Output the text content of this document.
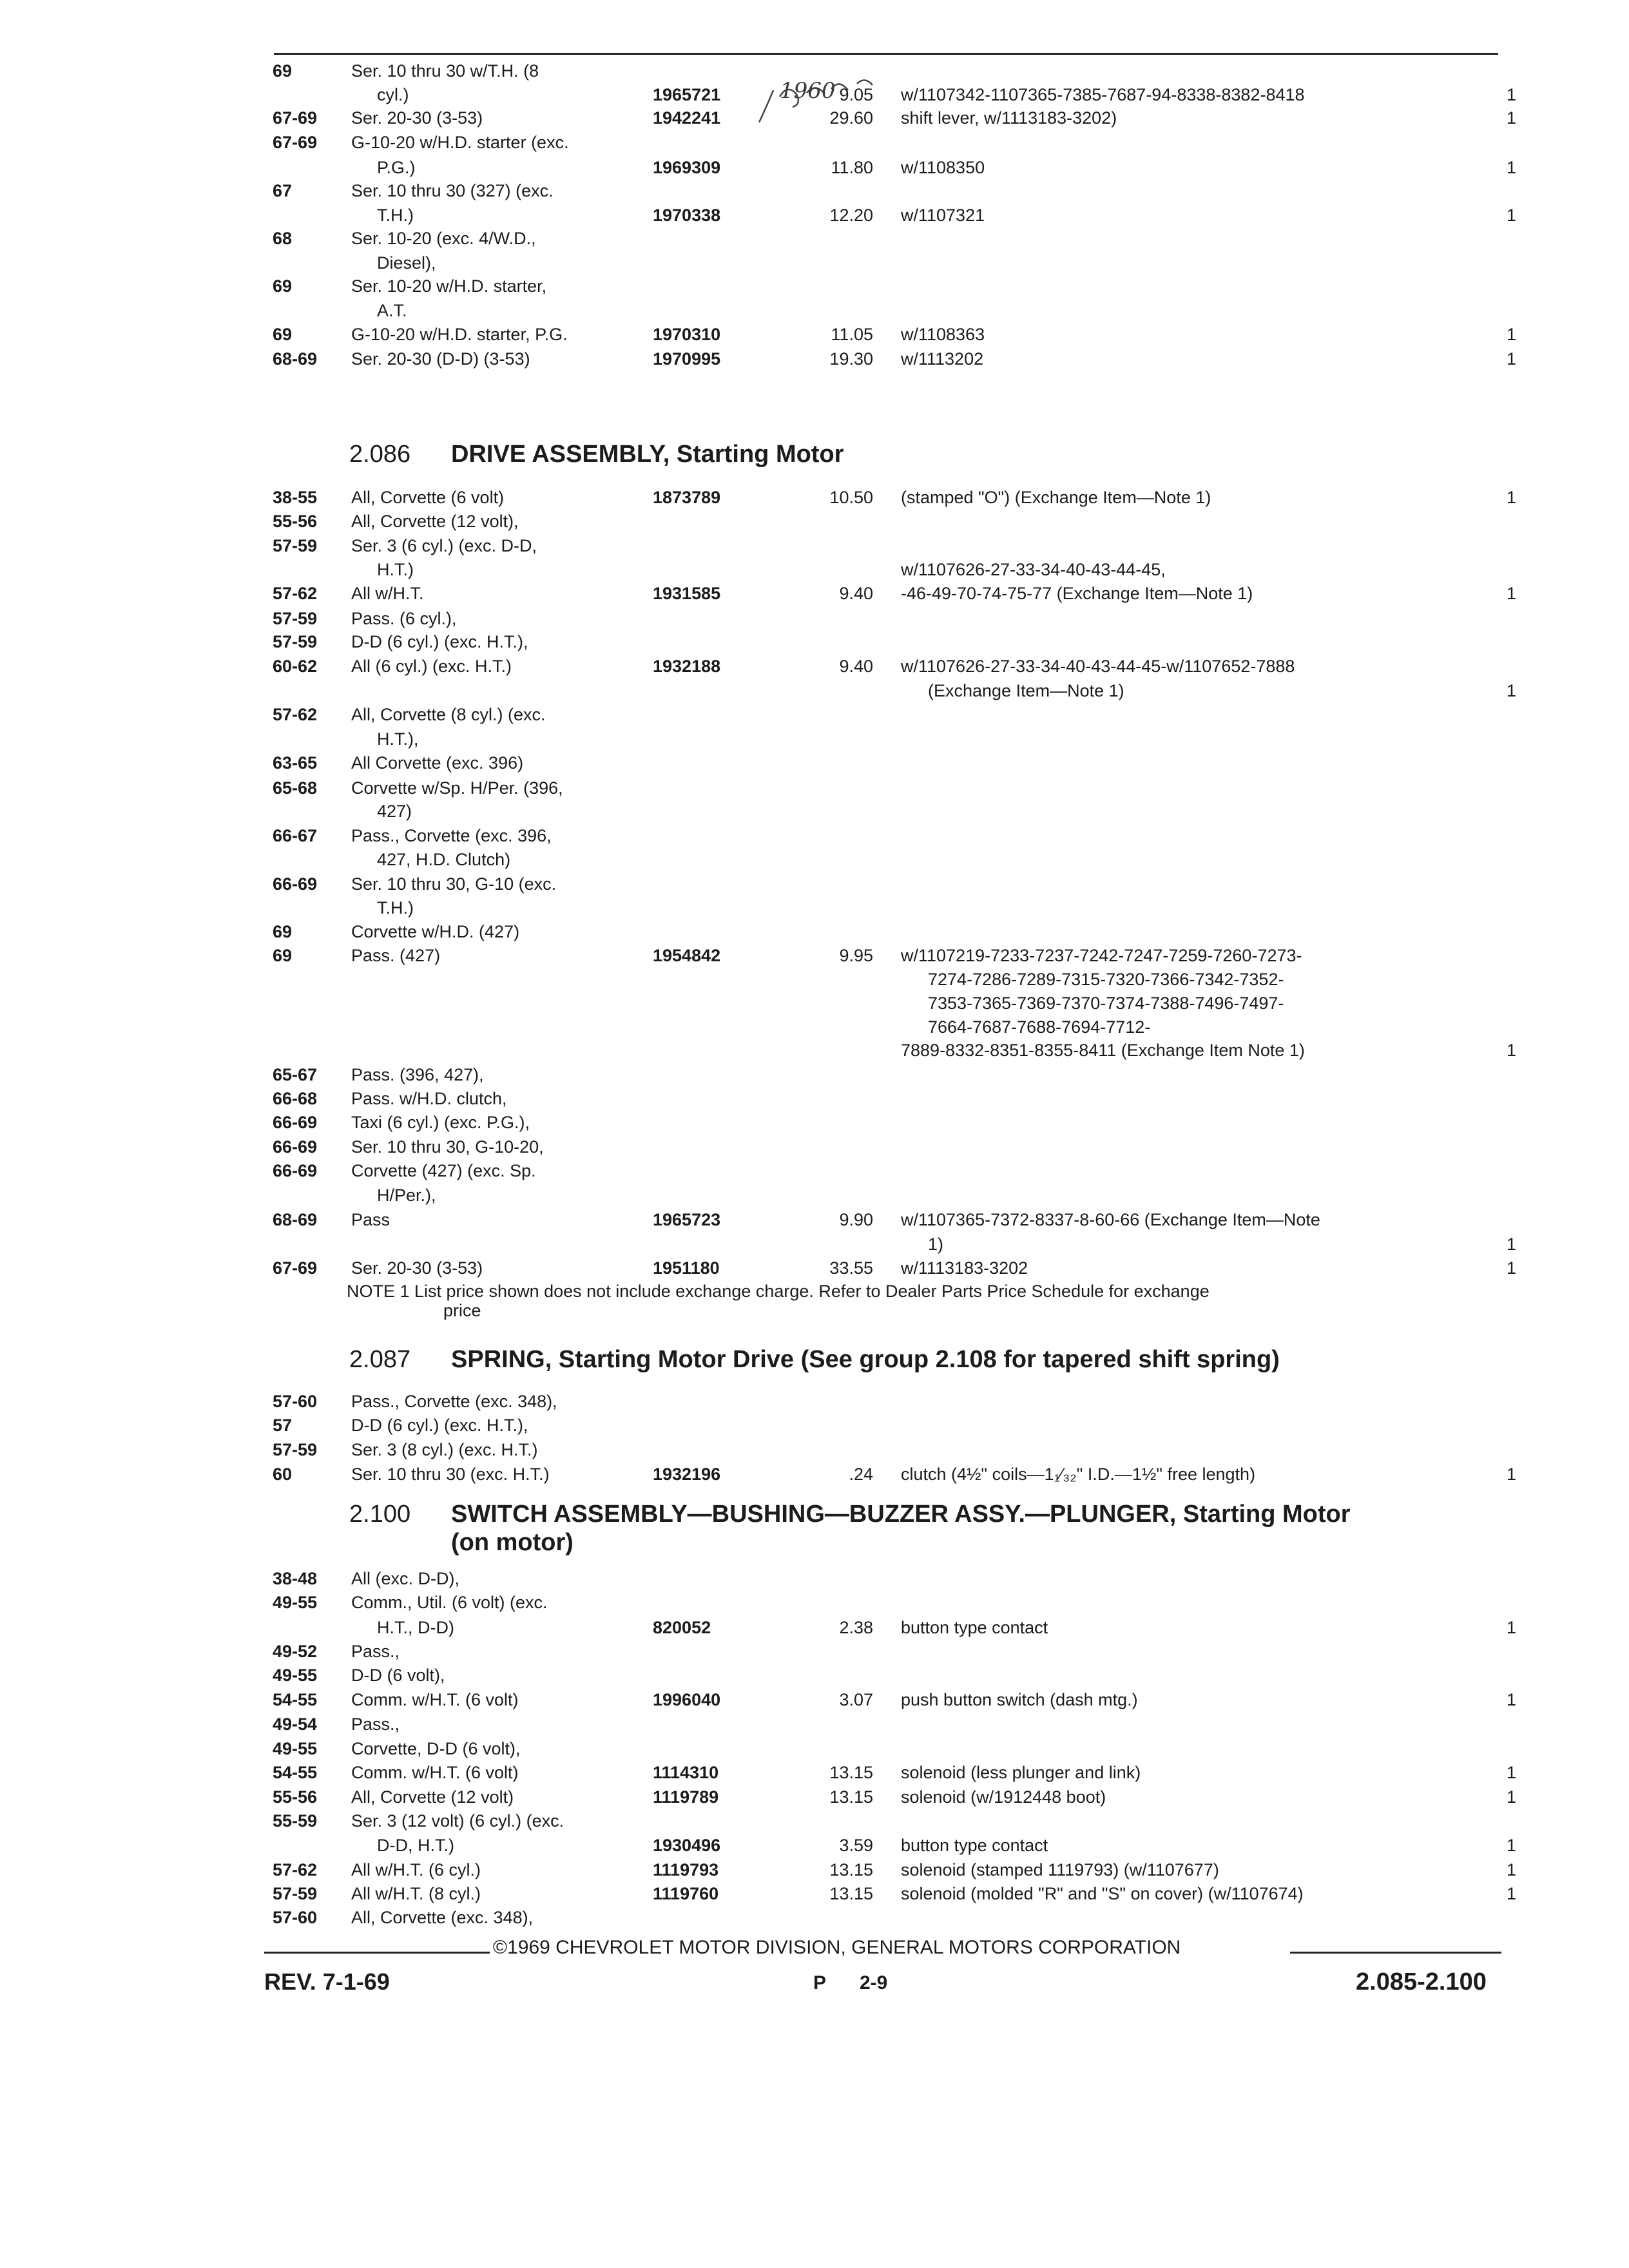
1960
69	Ser. 10 thru 30 w/T.H. (8
cyl.)	1965721	9.05 w/1107342-1107365-7385-7687-94-8338-8382-8418	1
67-69 Ser. 20-30 (3-53)	1942241	29.60 shift lever, w/1113183-3202)	1
67-69 G-10-20 w/H.D. starter (exc.
P.G.)	1969309	11.80 w/1108350	1
67	Ser. 10 thru 30 (327) (exc.
T.H.)	1970338	12.20 w/1107321	1
68	Ser. 10-20 (exc. 4/W.D.,
Diesel),
69	Ser. 10-20 w/H.D. starter,
A.T.
69	G-10-20 w/H.D. starter, P.G.	1970310	11.05 w/1108363	1
68-69 Ser. 20-30 (D-D) (3-53)	1970995	19.30 w/1113202	1
2.086 DRIVE ASSEMBLY, Starting Motor
38-55 All, Corvette (6 volt)	1873789	10.50 (stamped "O") (Exchange Item—Note 1)	1
55-56 All, Corvette (12 volt),
57-59 Ser. 3 (6 cyl.) (exc. D-D,
H.T.)	w/1107626-27-33-34-40-43-44-45,
57-62 All w/H.T.	1931585	9.40 -46-49-70-74-75-77 (Exchange Item—Note 1)	1
57-59 Pass. (6 cyl.),
57-59 D-D (6 cyl.) (exc. H.T.),
60-62 All (6 cyl.) (exc. H.T.)	1932188	9.40 w/1107626-27-33-34-40-43-44-45-w/1107652-7888
(Exchange Item—Note 1)	1
57-62 All, Corvette (8 cyl.) (exc.
H.T.),
63-65 All Corvette (exc. 396)
65-68 Corvette w/Sp. H/Per. (396,
427)
66-67 Pass., Corvette (exc. 396,
427, H.D. Clutch)
66-69 Ser. 10 thru 30, G-10 (exc.
T.H.)
69	Corvette w/H.D. (427)
69	Pass. (427)	1954842	9.95 w/1107219-7233-7237-7242-7247-7259-7260-7273-
7274-7286-7289-7315-7320-7366-7342-7352-
7353-7365-7369-7370-7374-7388-7496-7497-
7664-7687-7688-7694-7712-
7889-8332-8351-8355-8411 (Exchange Item Note 1)	1
65-67 Pass. (396, 427),
66-68 Pass. w/H.D. clutch,
66-69 Taxi (6 cyl.) (exc. P.G.),
66-69 Ser. 10 thru 30, G-10-20,
66-69 Corvette (427) (exc. Sp.
H/Per.),
68-69 Pass	1965723	9.90 w/1107365-7372-8337-8-60-66 (Exchange Item—Note
1)	1
67-69 Ser. 20-30 (3-53)	1951180	33.55 w/1113183-3202	1
NOTE 1 List price shown does not include exchange charge. Refer to Dealer Parts Price Schedule for exchange
price
2.087 SPRING, Starting Motor Drive (See group 2.108 for tapered shift spring)
57-60 Pass., Corvette (exc. 348),
57	D-D (6 cyl.) (exc. H.T.),
57-59 Ser. 3 (8 cyl.) (exc. H.T.)
60	Ser. 10 thru 30 (exc. H.T.)	1932196	.24 clutch (4½" coils—1₁⁄₃₂" I.D.—1½" free length)	1
2.100 SWITCH ASSEMBLY—BUSHING—BUZZER ASSY.—PLUNGER, Starting Motor
(on motor)
38-48 All (exc. D-D),
49-55 Comm., Util. (6 volt) (exc.
H.T., D-D)	820052	2.38 button type contact	1
49-52 Pass.,
49-55 D-D (6 volt),
54-55 Comm. w/H.T. (6 volt)	1996040	3.07 push button switch (dash mtg.)	1
49-54 Pass.,
49-55 Corvette, D-D (6 volt),
54-55 Comm. w/H.T. (6 volt)	1114310	13.15 solenoid (less plunger and link)	1
55-56 All, Corvette (12 volt)	1119789	13.15 solenoid (w/1912448 boot)	1
55-59 Ser. 3 (12 volt) (6 cyl.) (exc.
D-D, H.T.)	1930496	3.59 button type contact	1
57-62 All w/H.T. (6 cyl.)	1119793	13.15 solenoid (stamped 1119793) (w/1107677)	1
57-59 All w/H.T. (8 cyl.)	1119760	13.15 solenoid (molded "R" and "S" on cover) (w/1107674)	1
57-60 All, Corvette (exc. 348),
©1969 CHEVROLET MOTOR DIVISION, GENERAL MOTORS CORPORATION
REV. 7-1-69	P 2-9	2.085-2.100
